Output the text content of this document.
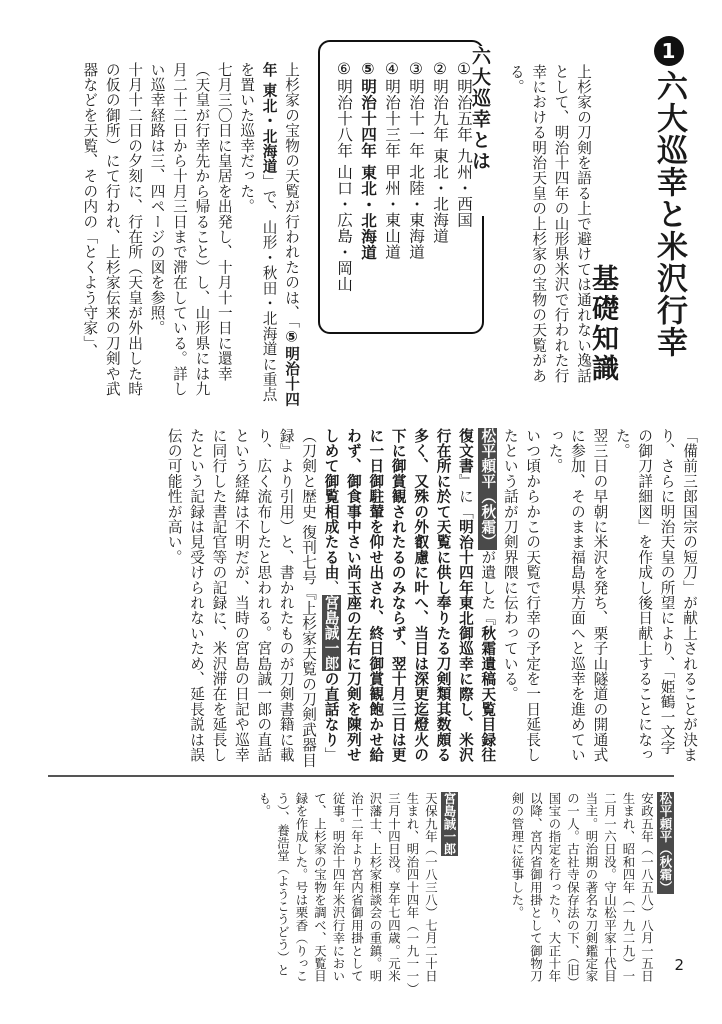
1六大巡幸と米沢行幸
基礎知識
上杉家の刀剣を語る上で避けては通れない逸話として、明治十四年の山形県米沢で行われた行幸における明治天皇の上杉家の宝物の天覧がある。
六大巡幸とは
①明治五年 九州・西国
②明治九年 東北・北海道
③明治十一年 北陸・東海道
④明治十三年 甲州・東山道
⑤明治十四年 東北・北海道
⑥明治十八年 山口・広島・岡山
上杉家の宝物の天覧が行われたのは、「⑤明治十四年 東北・北海道」で、山形・秋田・北海道に重点を置いた巡幸だった。
七月三〇日に皇居を出発し、十月十一日に還幸（天皇が行幸先から帰ること）し、山形県には九月二十二日から十月三日まで滞在している。詳しい巡幸経路は三、四ページの図を参照。
十月十二日の夕刻に、行在所（天皇が外出した時の仮の御所）にて行われ、上杉家伝来の刀剣や武器などを天覧、その内の「とくよう守家」、
「備前三郎国宗の短刀」が献上されることが決まり、さらに明治天皇の所望により、「姫鶴一文字の御刀詳細図」を作成し後日献上することになった。
翌三日の早朝に米沢を発ち、栗子山隧道の開通式に参加、そのまま福島県方面へと巡幸を進めていった。
いつ頃からかこの天覧で行幸の予定を一日延長したという話が刀剣界隈に伝わっている。
松平頼平（秋霜）が遺した『秋霜遺稿天覧目録往復文書』に「明治十四年東北御巡幸に際し、米沢行在所に於て天覧に供し奉りたる刀剣類其数頗る多く、又殊の外叡慮に叶へ、当日は深更迄燈火の下に御賞観されたるのみならず、翌十月三日は更に一日御駐輦を仰せ出され、終日御賞観飽かせ給わず、御食事中さい尚玉座の左右に刀剣を陳列せしめて御覧相成たる由、宮島誠一郎の直話なり」（刀剣と歴史 復刊七号『上杉家天覧の刀剣武器目録』より引用）と、書かれたものが刀剣書籍に載り、広く流布したと思われる。宮島誠一郎の直話という経緯は不明だが、当時の宮島の日記や巡幸に同行した書記官等の記録に、米沢滞在を延長したという記録は見受けられないため、延長説は誤伝の可能性が高い。
松平頼平（秋霜）
安政五年（一八五八）八月一五日生まれ、昭和四年（一九二九）一二月一六日没。守山松平家十代目当主。明治期の著名な刀剣鑑定家の一人。古社寺保存法の下、（旧）国宝の指定を行ったり、大正十年以降、宮内省御用掛として御物刀剣の管理に従事した。
宮島誠一郎
天保九年（一八三八）七月二十日生まれ、明治四十四年（一九一一）三月十四日没。享年七四歳。元米沢藩士、上杉家相談会の重鎮。明治十二年より宮内省御用掛として従事。明治十四年米沢行幸において、上杉家の宝物を調べ、天覧目録を作成した。号は栗香（りっこう）、養浩堂（ようこうどう）とも。
2
